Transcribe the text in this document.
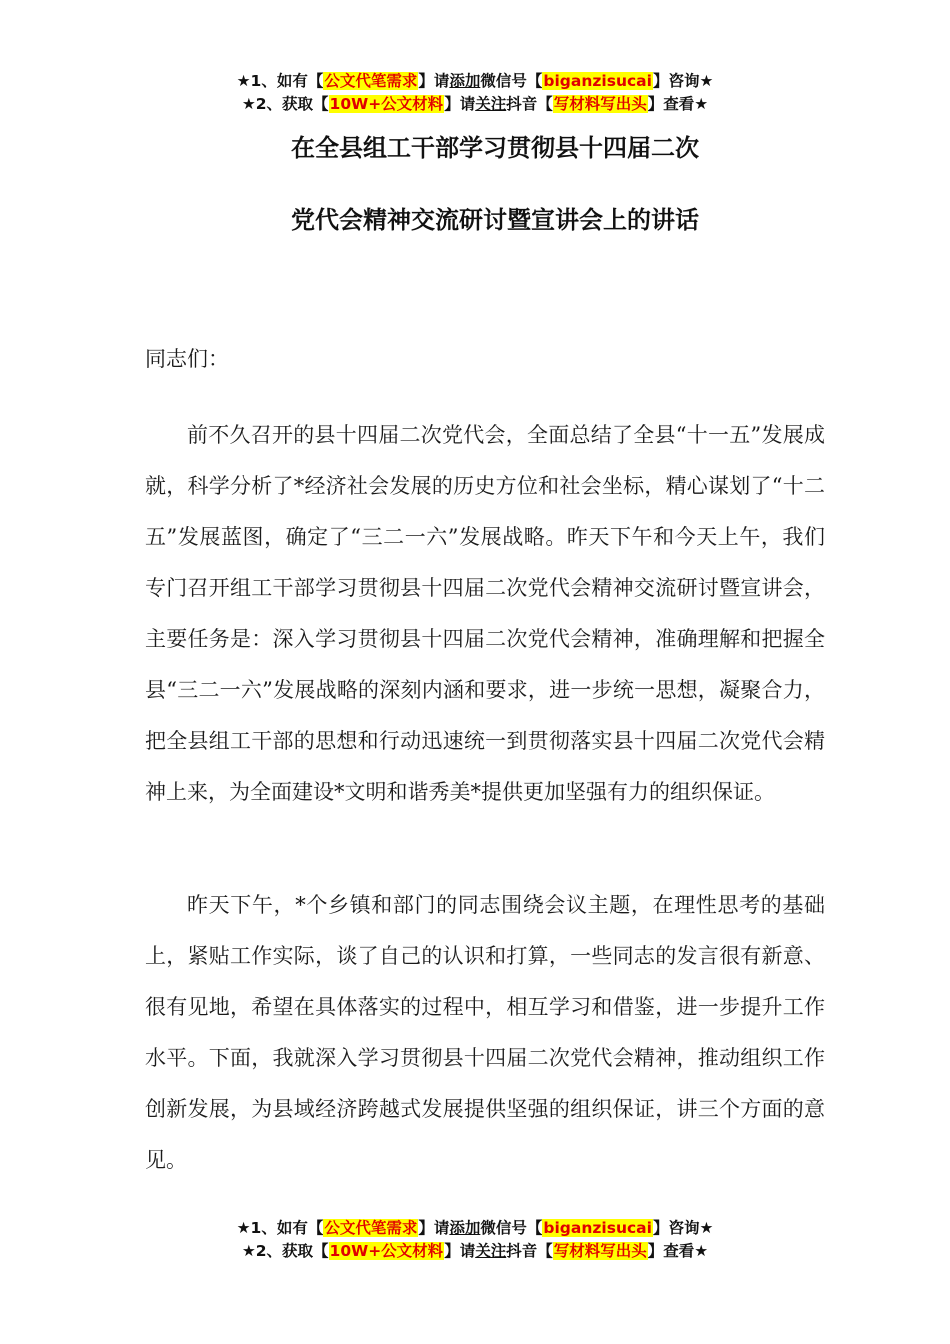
★1、如有【公文代笔需求】请添加微信号【biganzisucai】咨询★
★2、获取【10W+公文材料】请关注抖音【写材料写出头】查看★
在全县组工干部学习贯彻县十四届二次
党代会精神交流研讨暨宣讲会上的讲话
同志们：

前不久召开的县十四届二次党代会，全面总结了全县“十一五”发展成就，科学分析了*经济社会发展的历史方位和社会坐标，精心谋划了“十二五”发展蓝图，确定了“三二一六”发展战略。昨天下午和今天上午，我们专门召开组工干部学习贯彻县十四届二次党代会精神交流研讨暨宣讲会，主要任务是：深入学习贯彻县十四届二次党代会精神，准确理解和把握全县“三二一六”发展战略的深刻内涵和要求，进一步统一思想，凝聚合力，把全县组工干部的思想和行动迅速统一到贯彻落实县十四届二次党代会精神上来，为全面建设*文明和谐秀美*提供更加坚强有力的组织保证。

昨天下午，*个乡镇和部门的同志围绕会议主题，在理性思考的基础上，紧贴工作实际，谈了自己的认识和打算，一些同志的发言很有新意、很有见地，希望在具体落实的过程中，相互学习和借鉴，进一步提升工作水平。下面，我就深入学习贯彻县十四届二次党代会精神，推动组织工作创新发展，为县域经济跨越式发展提供坚强的组织保证，讲三个方面的意见。

★1、如有【公文代笔需求】请添加微信号【biganzisucai】咨询★
★2、获取【10W+公文材料】请关注抖音【写材料写出头】查看★
